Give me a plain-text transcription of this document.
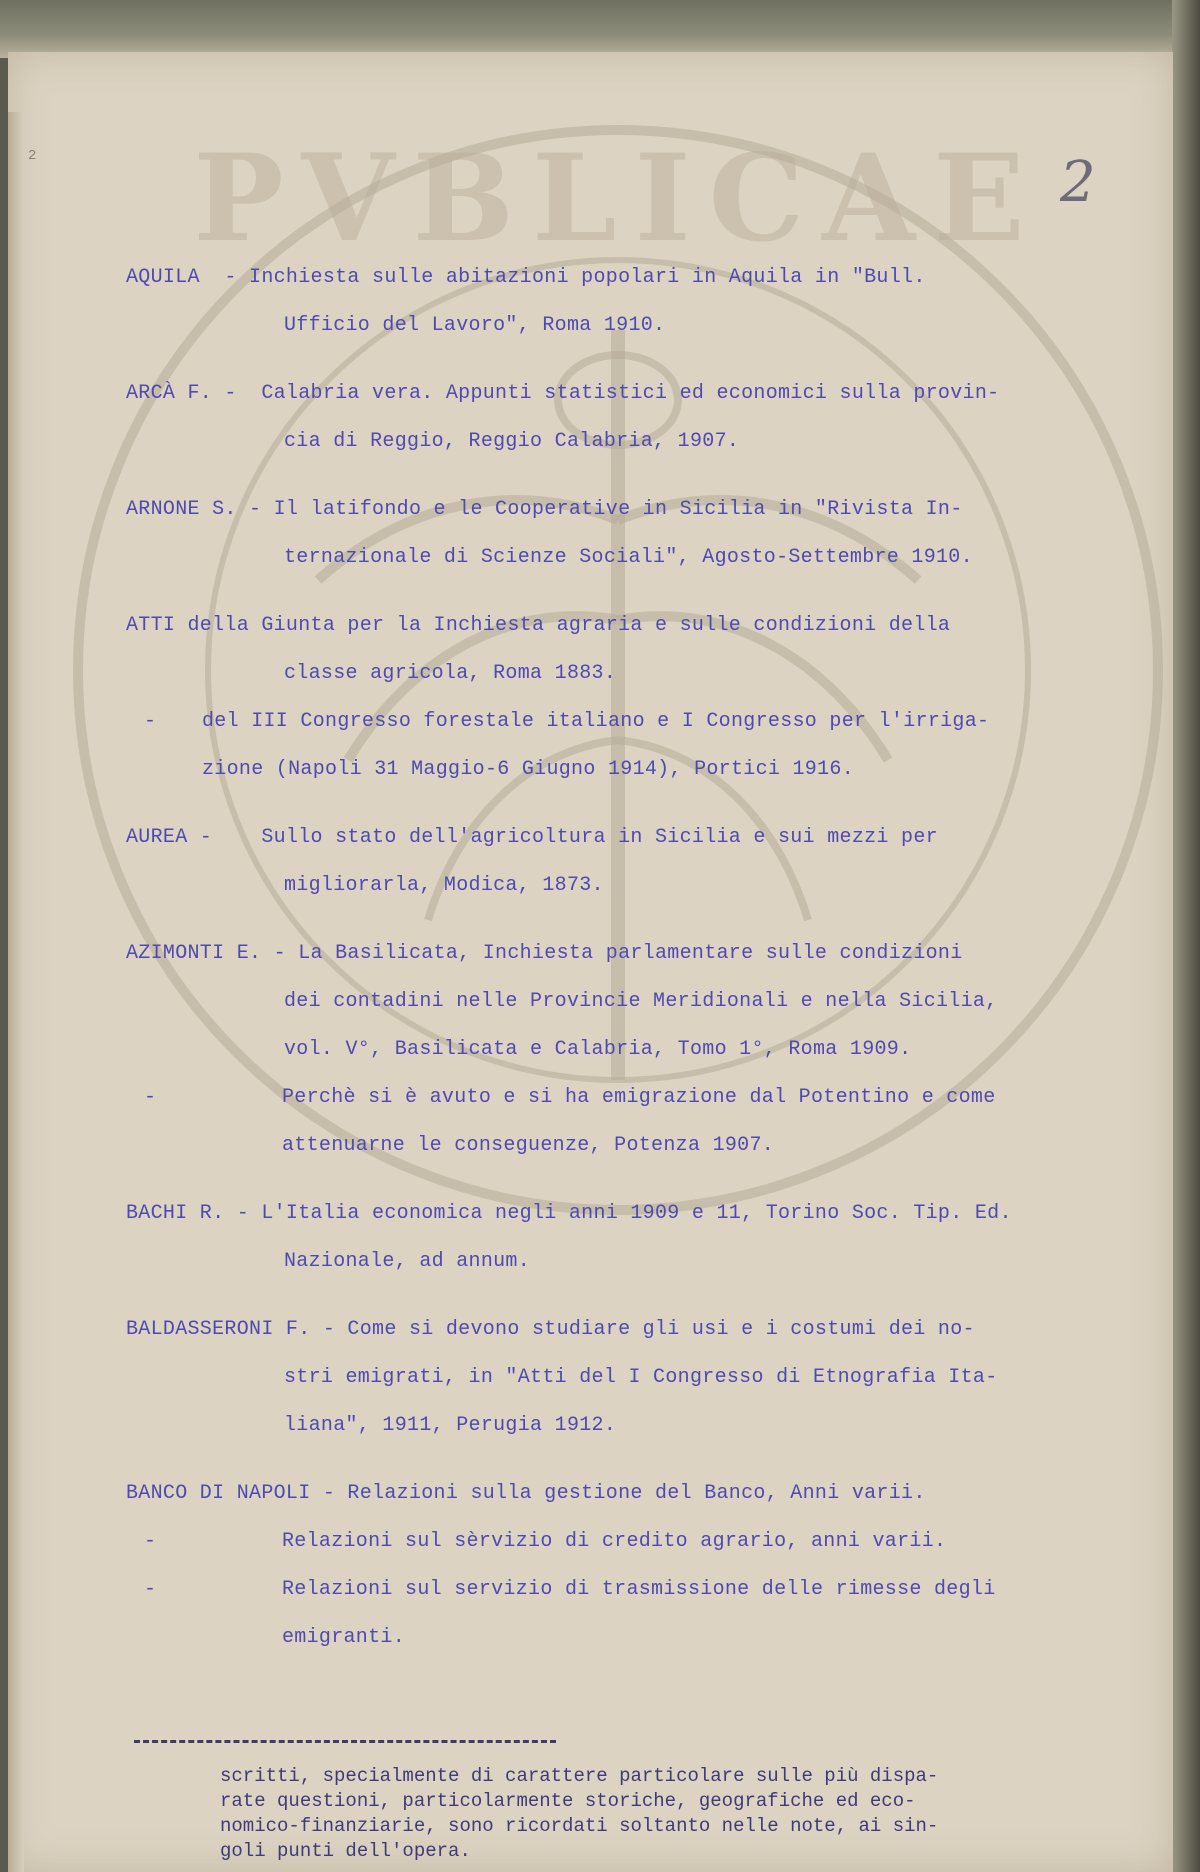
PVBLICAE
2	2
AQUILA  - Inchiesta sulle abitazioni popolari in Aquila in "Bull.
Ufficio del Lavoro", Roma 1910.
ARCÀ F. -  Calabria vera. Appunti statistici ed economici sulla provin-
cia di Reggio, Reggio Calabria, 1907.
ARNONE S. - Il latifondo e le Cooperative in Sicilia in "Rivista In-
ternazionale di Scienze Sociali", Agosto-Settembre 1910.
ATTI della Giunta per la Inchiesta agraria e sulle condizioni della
classe agricola, Roma 1883.
-	del III Congresso forestale italiano e I Congresso per l'irriga-
zione (Napoli 31 Maggio-6 Giugno 1914), Portici 1916.
AUREA -    Sullo stato dell'agricoltura in Sicilia e sui mezzi per
migliorarla, Modica, 1873.
AZIMONTI E. - La Basilicata, Inchiesta parlamentare sulle condizioni
dei contadini nelle Provincie Meridionali e nella Sicilia,
vol. V°, Basilicata e Calabria, Tomo 1°, Roma 1909.
-	Perchè si è avuto e si ha emigrazione dal Potentino e come
attenuarne le conseguenze, Potenza 1907.
BACHI R. - L'Italia economica negli anni 1909 e 11, Torino Soc. Tip. Ed.
Nazionale, ad annum.
BALDASSERONI F. - Come si devono studiare gli usi e i costumi dei no-
stri emigrati, in "Atti del I Congresso di Etnografia Ita-
liana", 1911, Perugia 1912.
BANCO DI NAPOLI - Relazioni sulla gestione del Banco, Anni varii.
-	Relazioni sul sèrvizio di credito agrario, anni varii.
-	Relazioni sul servizio di trasmissione delle rimesse degli
emigranti.
scritti, specialmente di carattere particolare sulle più dispa-
rate questioni, particolarmente storiche, geografiche ed eco-
nomico-finanziarie, sono ricordati soltanto nelle note, ai sin-
goli punti dell'opera.
